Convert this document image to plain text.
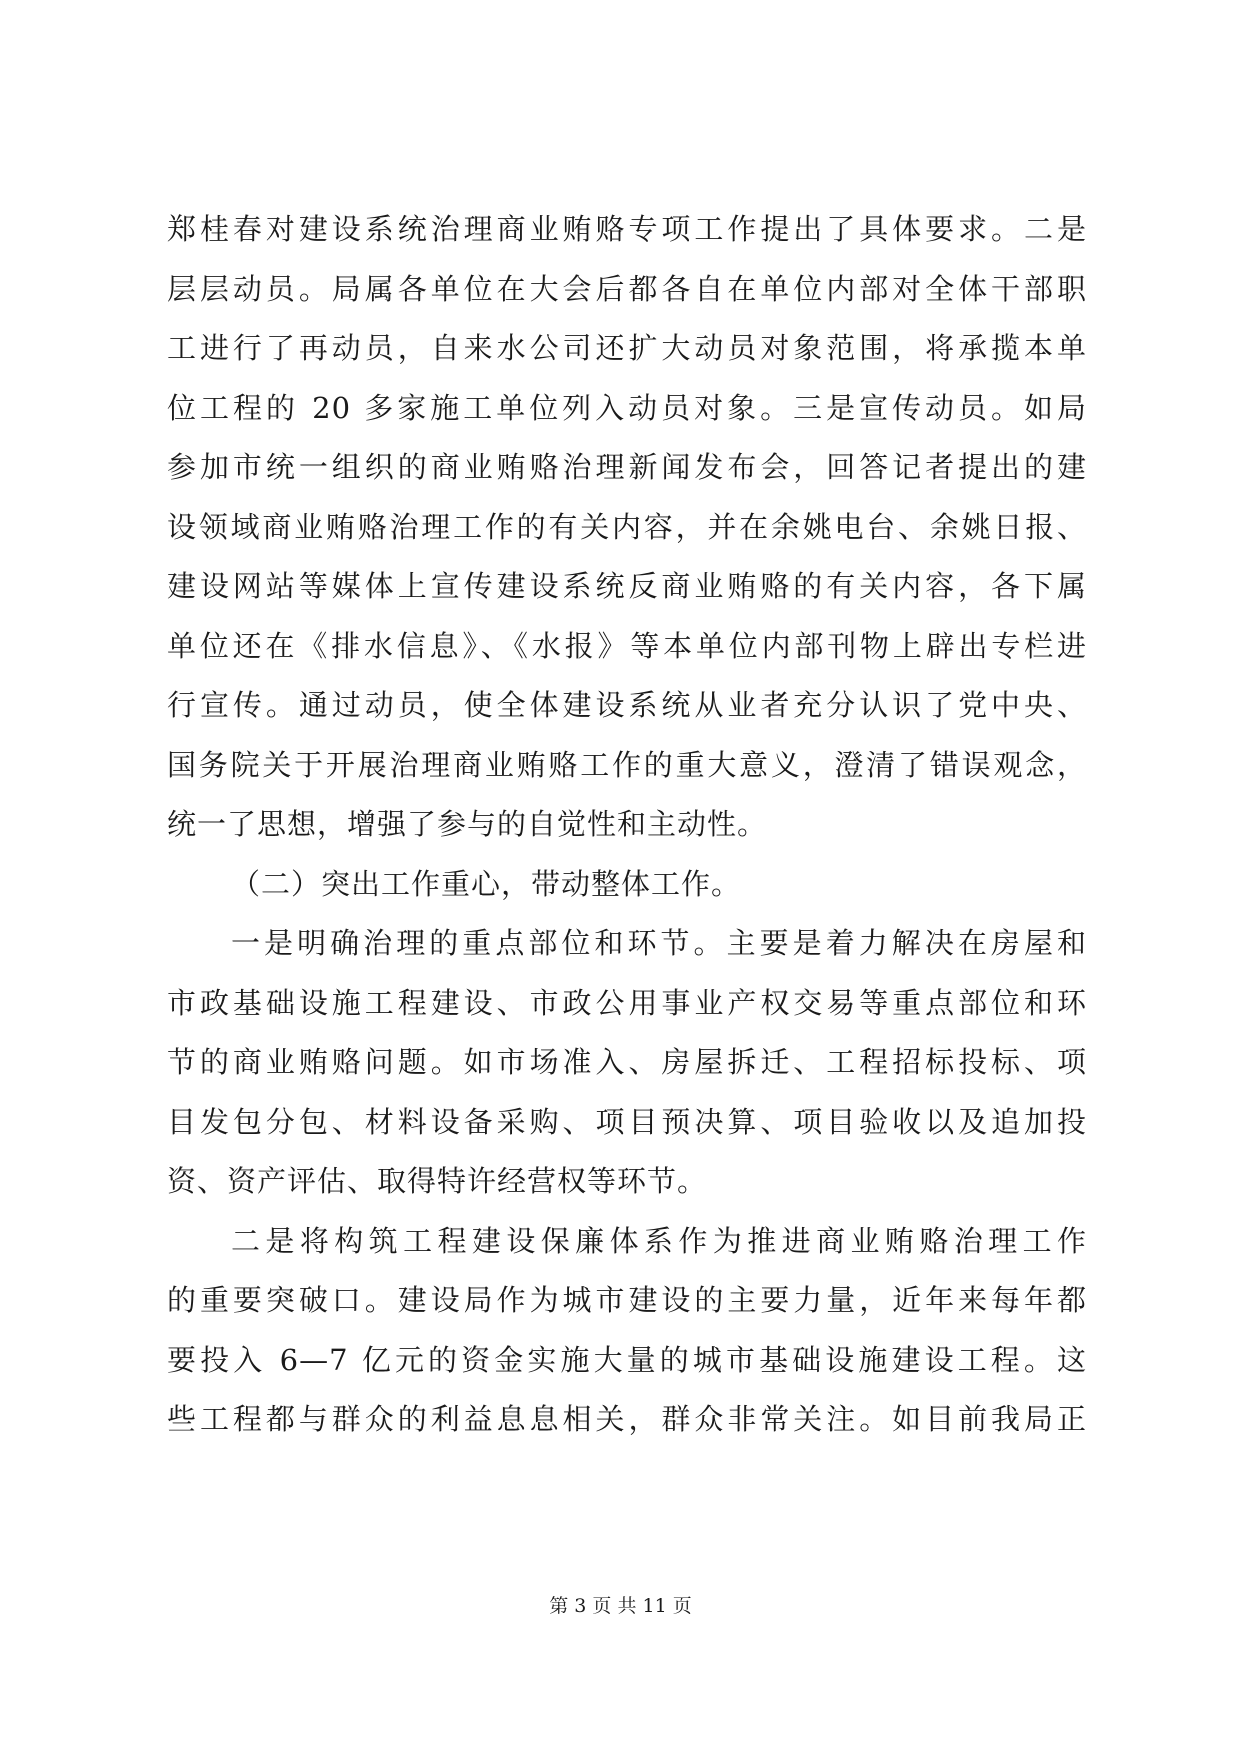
郑桂春对建设系统治理商业贿赂专项工作提出了具体要求。二是
层层动员。局属各单位在大会后都各自在单位内部对全体干部职
工进行了再动员，自来水公司还扩大动员对象范围，将承揽本单
位工程的 20 多家施工单位列入动员对象。三是宣传动员。如局
参加市统一组织的商业贿赂治理新闻发布会，回答记者提出的建
设领域商业贿赂治理工作的有关内容，并在余姚电台、余姚日报、
建设网站等媒体上宣传建设系统反商业贿赂的有关内容，各下属
单位还在《排水信息》、《水报》等本单位内部刊物上辟出专栏进
行宣传。通过动员，使全体建设系统从业者充分认识了党中央、
国务院关于开展治理商业贿赂工作的重大意义，澄清了错误观念，
统一了思想，增强了参与的自觉性和主动性。
（二）突出工作重心，带动整体工作。
一是明确治理的重点部位和环节。主要是着力解决在房屋和
市政基础设施工程建设、市政公用事业产权交易等重点部位和环
节的商业贿赂问题。如市场准入、房屋拆迁、工程招标投标、项
目发包分包、材料设备采购、项目预决算、项目验收以及追加投
资、资产评估、取得特许经营权等环节。
二是将构筑工程建设保廉体系作为推进商业贿赂治理工作
的重要突破口。建设局作为城市建设的主要力量，近年来每年都
要投入 6—7 亿元的资金实施大量的城市基础设施建设工程。这
些工程都与群众的利益息息相关，群众非常关注。如目前我局正
第 3 页 共 11 页
